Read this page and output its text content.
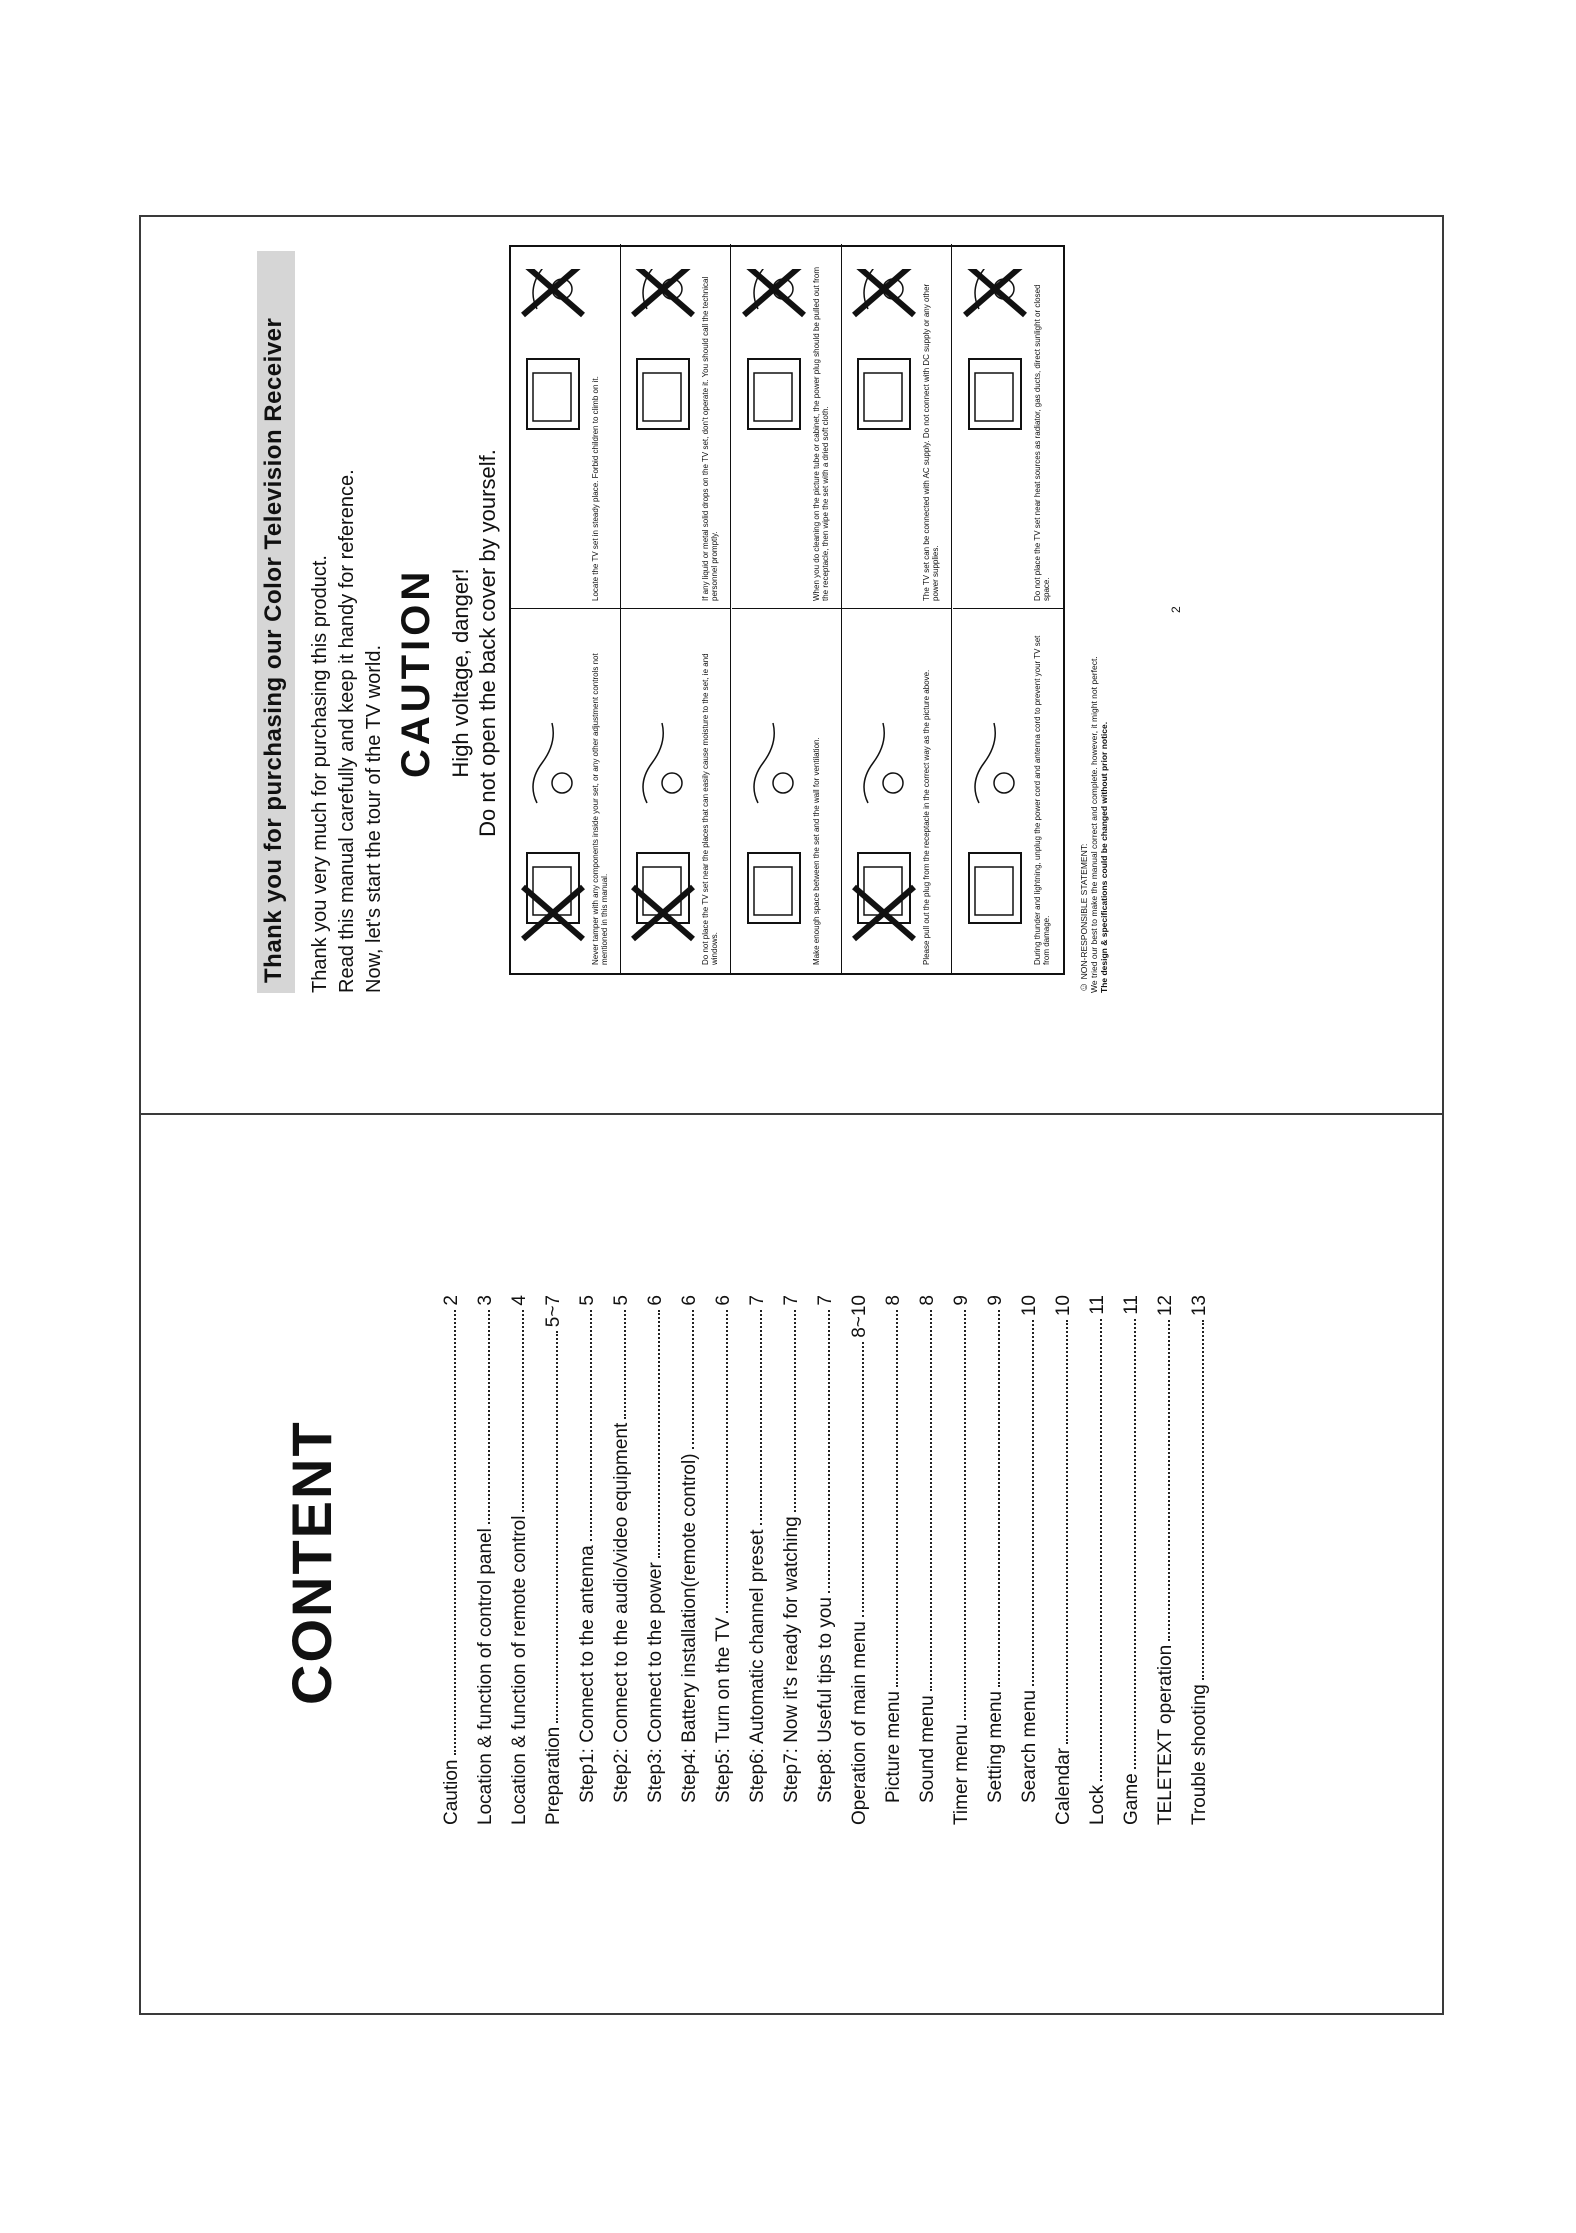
CONTENT
Caution
2
Location & function of control panel
3
Location & function of remote control
4
Preparation
5~7
Step1: Connect to the antenna
5
Step2: Connect to the audio/video equipment
5
Step3: Connect to the power
6
Step4: Battery installation(remote control)
6
Step5: Turn on the TV
6
Step6: Automatic channel preset
7
Step7: Now it's ready for watching
7
Step8: Useful tips to you
7
Operation of main menu
8~10
Picture menu
8
Sound menu
8
Timer menu
9
Setting menu
9
Search menu
10
Calendar
10
Lock
11
Game
11
TELETEXT operation
12
Trouble shooting
13
Thank you for purchasing our Color Television Receiver Thank you very much for purchasing this product. Read this manual carefully and keep it handy for reference. Now, let's start the tour of the TV world. CAUTION High voltage, danger! Do not open the back cover by yourself.	Never tamper with any components inside your set, or any other adjustment controls not mentioned in this manual.
Locate the TV set in steady place. Forbid children to climb on it.
Do not place the TV set near the places that can easily cause moisture to the set, ie and windows.
If any liquid or metal solid drops on the TV set, don't operate it. You should call the technical personnel promptly.
Make enough space between the set and the wall for ventilation.
When you do cleaning on the picture tube or cabinet, the power plug should be pulled out from the receptacle, then wipe the set with a dried soft cloth.
Please pull out the plug from the receptacle in the correct way as the picture above.
The TV set can be connected with AC supply. Do not connect with DC supply or any other power supplies.
During thunder and lightning, unplug the power cord and antenna cord to prevent your TV set from damage.
Do not place the TV set near heat sources as radiator, gas ducts, direct sunlight or closed space.
☺ NON-RESPONSIBLE STATEMENT: We tried our best to make the manual correct and complete. however, it might not perfect. The design & specifications could be changed without prior notice.
2
